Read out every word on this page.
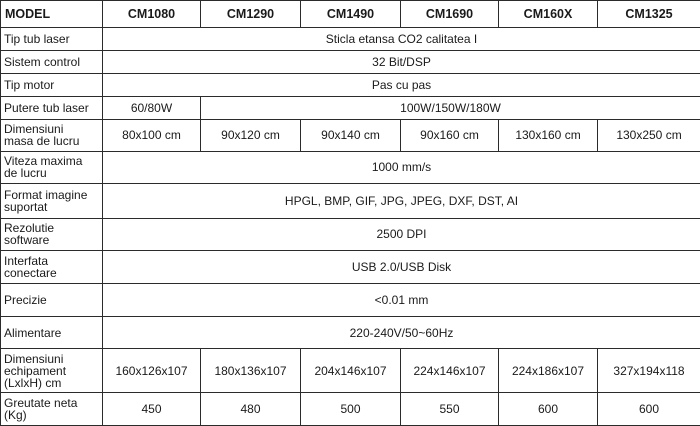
MODEL	CM1080	CM1290	CM1490	CM1690	CM160X	CM1325
Tip tub laser	Sticla etansa CO2 calitatea I					
Sistem control	32 Bit/DSP					
Tip motor	Pas cu pas					
Putere tub laser	60/80W	100W/150W/180W				
Dimensiuni
masa de lucru	80x100 cm	90x120 cm	90x140 cm	90x160 cm	130x160 cm	130x250 cm
Viteza maxima
de lucru	1000 mm/s					
Format imagine
suportat	HPGL, BMP, GIF, JPG, JPEG, DXF, DST, AI					
Rezolutie
software	2500 DPI					
Interfata
conectare	USB 2.0/USB Disk					
Precizie	<0.01 mm					
Alimentare	220-240V/50~60Hz					
Dimensiuni
echipament
(LxlxH) cm	160x126x107	180x136x107	204x146x107	224x146x107	224x186x107	327x194x118
Greutate neta
(Kg)	450	480	500	550	600	600
